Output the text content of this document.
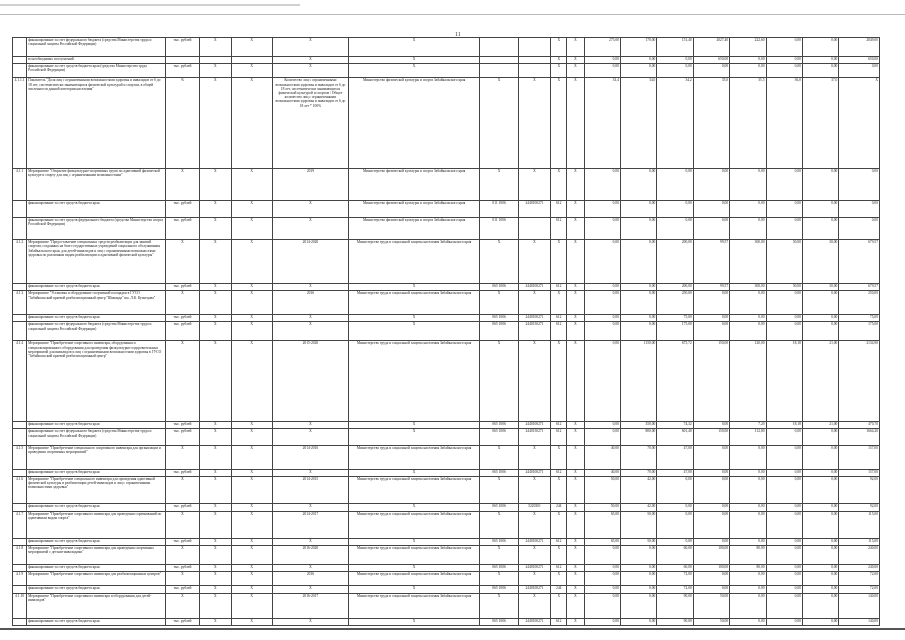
11
	финансирование за счет федерального бюджета (средства Министерства труда и социальной защиты Российской Федерации)	тыс. рублей	X	X	X	X			X	X	275,00	170,00	151,40	2027,40	222,60	0,00	0,00	2849,00
	из необходимых поступлений				X	X			X	X	0,00	0,00	0,00	650,00	0,00	0,00	0,00	650,00
	финансирование за счет средств бюджета края (средства Министерства труда Российской Федерации)	тыс. рублей	X	X	X	X			X	X	0,00	0,00	0,00	0,00	0,00	0,00	0,00	0,00
4.1.1.1	Показатель "Доля лиц с ограниченными возможностями здоровья и инвалидов от 6 до 18 лет, систематически занимающихся физической культурой и спортом, в общей численности данной категории населения"	%	X	X	Количество лиц с ограниченными возможностями здоровья и инвалидов от 6 до 18 лет, систематически занимающихся физической культурой и спортом / Общее количество лиц с ограниченными возможностями здоровья и инвалидов от 6 до 18 лет * 100%	Министерство физической культуры и спорта Забайкальского края	X	X	X	X	33,4	34,0	34,2	35,0	35,5	36,0	37,0	X
4.1.1	Мероприятие "Открытие физкультурно-спортивных групп по адаптивной физической культуре и спорту для лиц с ограниченными возможностями"	X	X	X	2019	Министерство физической культуры и спорта Забайкальского края	X	X	X	X	0,00	0,00	0,00	0,00	0,00	0,00	0,00	0,00
	финансирование за счет средств бюджета края	тыс. рублей	X	X	X	Министерство физической культуры и спорта Забайкальского края	011 1006	2440100271	612	X	0,00	0,00	0,00	0,00	0,00	0,00	0,00	0,00
	финансирование за счет средств федерального бюджета (средства Министерства спорта Российской Федерации)	тыс. рублей	X	X	X	Министерство физической культуры и спорта Забайкальского края	011 1006		612	X	0,00	0,00	0,00	0,00	0,00	0,00	0,00	0,00
4.1.2	Мероприятие "Предоставление специальных средств реабилитации для занятий спортом, созданных на базе государственных учреждений социального обслуживания Забайкальского края, для детей-инвалидов и лиц с ограниченными возможностями здоровья по различным видам реабилитации и адаптивной физической культуры"	X	X	X	2014-2020	Министерство труда и социальной защиты населения Забайкальского края	X	X	X	X	0,00	0,00	200,00	99,57	300,00	50,00	30,00	679,57
	финансирование за счет средств бюджета края	тыс. рублей	X	X	X	X	065 1006	2440100271	612	X	0,00	0,00	200,00	99,57	300,00	50,00	30,00	679,57
4.1.3	Мероприятие "Установка и оборудование спортивной площадки в ГУСО "Забайкальский краевой реабилитационный центр "Шиванда" им. Л.К. Кузнецова"	X	X	X	2016	Министерство труда и социальной защиты населения Забайкальского края	X	X	X	X	0,00	0,00	250,00	0,00	0,00	0,00	0,00	250,00
	финансирование за счет средств бюджета края	тыс. рублей	X	X	X	X	065 1006	2440100271	612	X	0,00	0,00	75,00	0,00	0,00	0,00	0,00	75,00
	финансирование за счет федерального бюджета (средства Министерства труда и социальной защиты Российской Федерации)	тыс. рублей	X	X	X	X	065 1006	2440150271	612	X	0,00	0,00	175,00	0,00	0,00	0,00	0,00	175,00
4.1.4	Мероприятие "Приобретение спортивного инвентаря, оборудования и специализированного оборудования для проведения физкультурно-оздоровительных мероприятий для инвалидов и лиц с ограниченными возможностями здоровья в ГУСО "Забайкальский краевой реабилитационный центр"	X	X	X	2015-2020	Министерство труда и социальной защиты населения Забайкальского края	X	X	X	X	0,00	1150,00	675,72	150,00	120,00	18,18	21,00	2134,90
	финансирование за счет средств бюджета края	тыс. рублей	X	X	X	X	065 1006	2440100271	612	X	0,00	350,00	74,32	0,00	7,20	18,18	21,00	470,70
	финансирование за счет федерального бюджета (средства Министерства труда и социальной защиты Российской Федерации)	тыс. рублей	X	X	X	X	065 1006	2440150271	612	X	0,00	800,00	601,40	150,00	112,80	0,00	0,00	1664,20
4.1.5	Мероприятие "Приобретение специального спортивного инвентаря для организации и проведения спортивных мероприятий"	X	X	X	2014-2016	Министерство труда и социальной защиты населения Забайкальского края	X	X	X	X	40,00	70,00	47,00	0,00	0,00	0,00	0,00	157,00
	финансирование за счет средств бюджета края	тыс. рублей	X	X	X	X	065 1006	2440100271	612	X	40,00	70,00	47,00	0,00	0,00	0,00	0,00	157,00
4.1.6	Мероприятие "Приобретение специального инвентаря для проведения адаптивной физической культуры и реабилитации детей-инвалидов и лиц с ограниченными возможностями здоровья"	X	X	X	2014-2015	Министерство труда и социальной защиты населения Забайкальского края	X	X	X	X	50,00	42,00	0,00	0,00	0,00	0,00	0,00	92,00
	финансирование за счет средств бюджета края	тыс. рублей	X	X	X	X	065 1006	5220301	244	X	50,00	42,00	0,00	0,00	0,00	0,00	0,00	92,00
4.1.7	Мероприятие "Приобретение спортивного инвентаря для проведения соревнований по адаптивным видам спорта"	X	X	X	2014-2017	Министерство труда и социальной защиты населения Забайкальского края	X	X	X	X	65,00	50,00	0,00	0,00	0,00	0,00	0,00	115,00
	финансирование за счет средств бюджета края	тыс. рублей	X	X	X	X	065 1006	2440100271	612	X	65,00	50,00	0,00	0,00	0,00	0,00	0,00	115,00
4.1.8	Мероприятие "Приобретение спортивного инвентаря для проведения спортивных мероприятий с детьми-инвалидами"	X	X	X	2016-2020	Министерство труда и социальной защиты населения Забайкальского края	X	X	X	X	0,00	0,00	60,00	100,00	80,00	0,00	0,00	240,00
	финансирование за счет средств бюджета края	тыс. рублей	X	X	X	X	065 1006	2440100271	612	X	0,00	0,00	60,00	100,00	80,00	0,00	0,00	240,00
4.1.9	Мероприятие "Приобретение спортивного инвентаря для реабилитационных центров"	X	X	X	2016	Министерство труда и социальной защиты населения Забайкальского края	X	X	X	X	0,00	0,00	72,00	0,00	0,00	0,00	0,00	72,00
	финансирование за счет средств бюджета края	тыс. рублей	X	X	X	X	065 1006	2440100271	244	X	0,00	0,00	72,00	0,00	0,00	0,00	0,00	72,00
4.1.10	Мероприятие "Приобретение спортивного инвентаря и оборудования для детей-инвалидов"	X	X	X	2016-2017	Министерство труда и социальной защиты населения Забайкальского края	X	X	X	X	0,00	0,00	90,00	50,00	0,00	0,00	0,00	140,00
	финансирование за счет средств бюджета края	тыс. рублей	X	X	X	X	065 1006	2440100271	612	X	0,00	0,00	90,00	50,00	0,00	0,00	0,00	140,00
